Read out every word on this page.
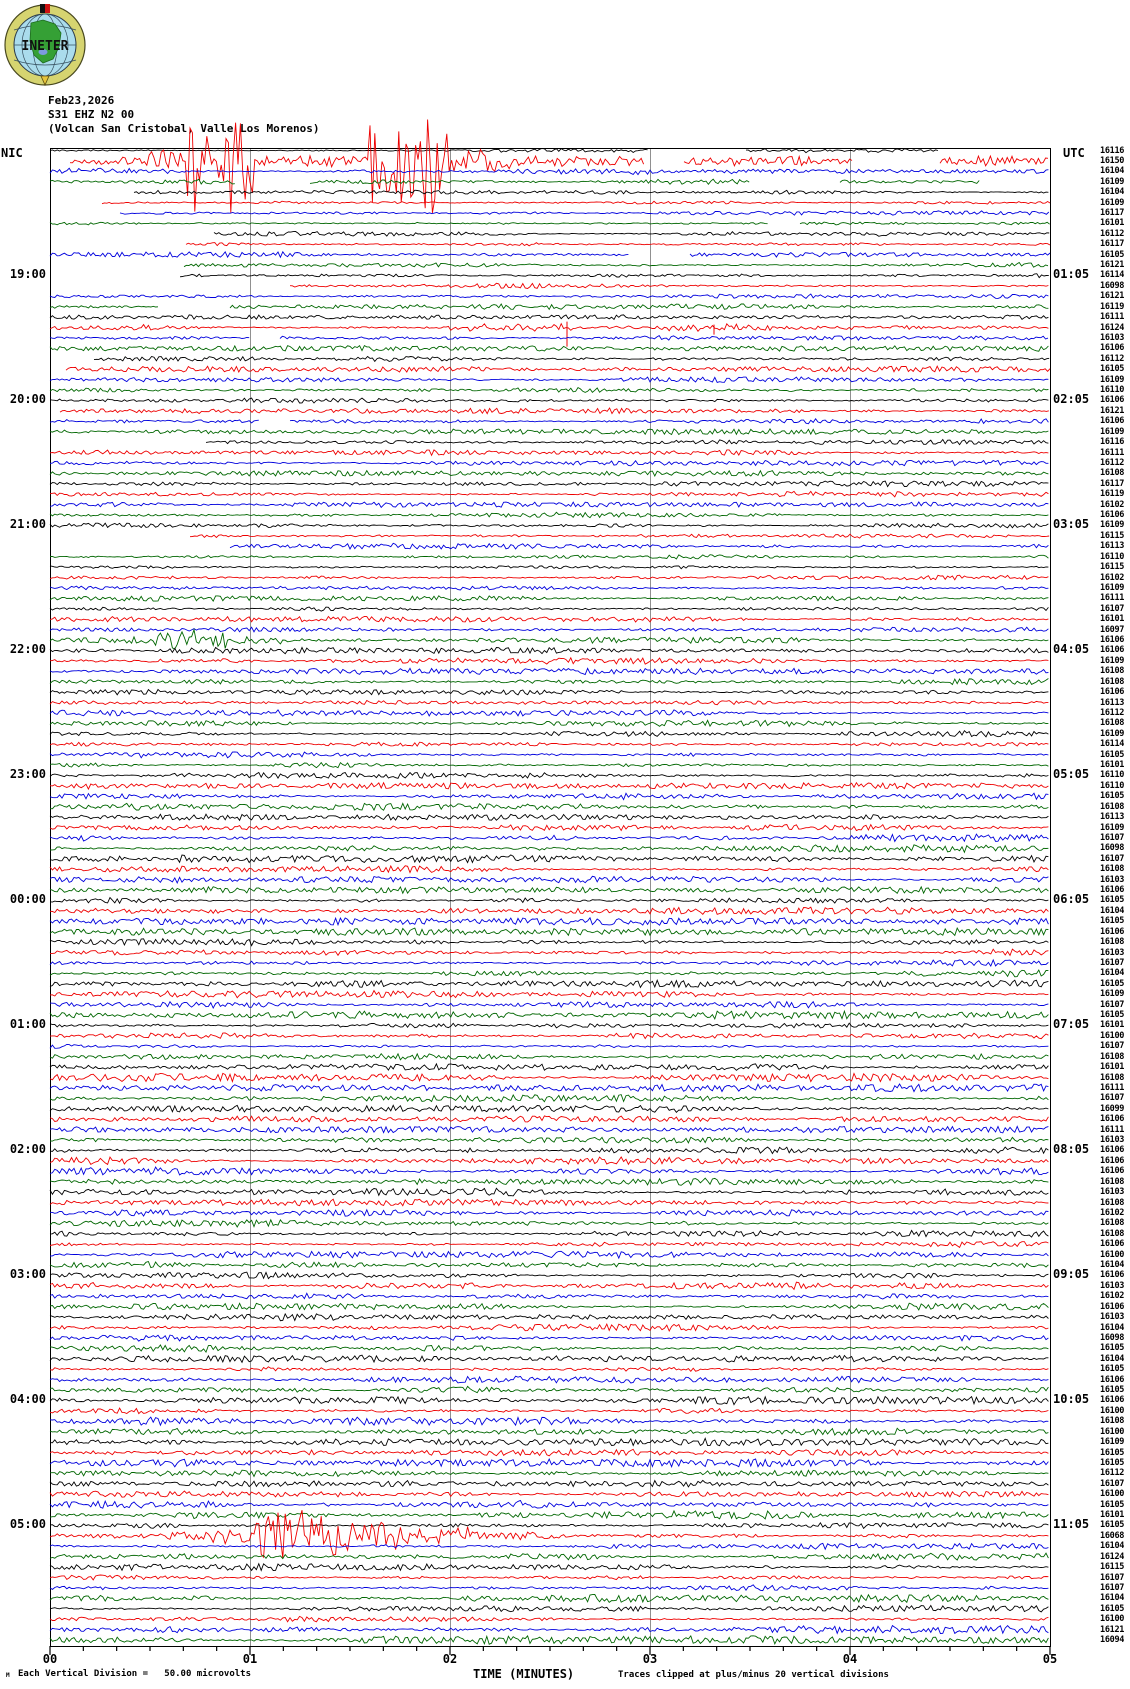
INETER
Feb23,2026
S31 EHZ N2 00
(Volcan San Cristobal, Valle Los Morenos)
NIC	UTC
19:00
20:00
21:00
22:00
23:00
00:00
01:00
02:00
03:00
04:00
05:00
01:05
02:05
03:05
04:05
05:05
06:05
07:05
08:05
09:05
10:05
11:05
16116
16150
16104
16109
16104
16109
16117
16101
16112
16117
16105
16121
16114
16098
16121
16119
16111
16124
16103
16106
16112
16105
16109
16110
16106
16121
16106
16109
16116
16111
16112
16108
16117
16119
16102
16106
16109
16115
16113
16110
16115
16102
16109
16111
16107
16101
16097
16106
16106
16109
16108
16108
16106
16113
16112
16108
16109
16114
16105
16101
16110
16110
16105
16108
16113
16109
16107
16098
16107
16108
16103
16106
16105
16104
16105
16106
16108
16103
16107
16104
16105
16109
16107
16105
16101
16100
16107
16108
16101
16108
16111
16107
16099
16106
16111
16103
16106
16106
16106
16108
16103
16108
16102
16108
16108
16106
16100
16104
16106
16103
16102
16106
16103
16104
16098
16105
16104
16105
16106
16105
16106
16100
16108
16100
16109
16105
16105
16112
16107
16100
16105
16101
16105
16068
16104
16124
16115
16107
16107
16104
16105
16100
16121
16094
00	01	02	03	04	05
M Each Vertical Division =   50.00 microvolts	TIME (MINUTES)	Traces clipped at plus/minus 20 vertical divisions
